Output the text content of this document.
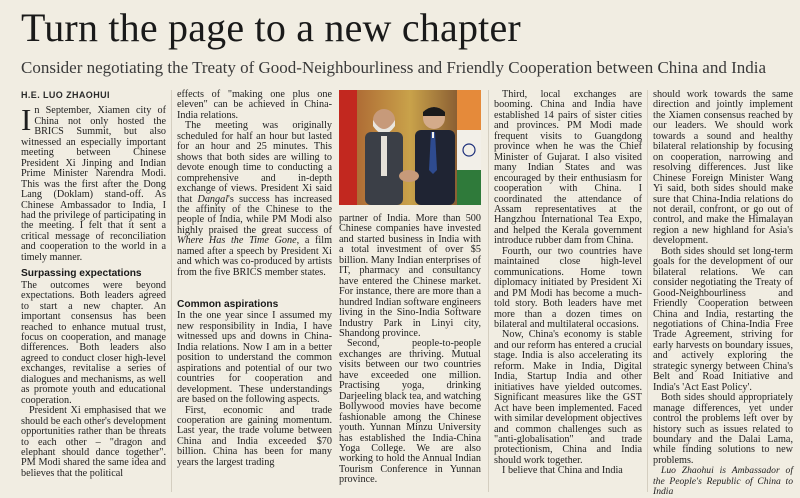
Turn the page to a new chapter
Consider negotiating the Treaty of Good-Neighbourliness and Friendly Cooperation between China and India
H.E. LUO ZHAOHUI

In September, Xiamen city of China not only hosted the BRICS Summit, but also witnessed an especially important meeting between Chinese President Xi Jinping and Indian Prime Minister Narendra Modi. This was the first after the Dong Lang (Doklam) stand-off. As Chinese Ambassador to India, I had the privilege of participating in the meeting. I felt that it sent a critical message of reconciliation and cooperation to the world in a timely manner.

Surpassing expectations

The outcomes were beyond expectations. Both leaders agreed to start a new chapter. An important consensus has been reached to enhance mutual trust, focus on cooperation, and manage differences. Both leaders also agreed to conduct closer high-level exchanges, revitalise a series of dialogues and mechanisms, as well as promote youth and educational cooperation.

President Xi emphasised that we should be each other's development opportunities rather than be threats to each other – "dragon and elephant should dance together". PM Modi shared the same idea and believes that the political

effects of "making one plus one eleven" can be achieved in China-India relations.

The meeting was originally scheduled for half an hour but lasted for an hour and 25 minutes. This shows that both sides are willing to devote enough time to conducting a comprehensive and in-depth exchange of views. President Xi said that Dangal's success has increased the affinity of the Chinese to the people of India, while PM Modi also highly praised the great success of Where Has the Time Gone, a film named after a speech by President Xi and which was co-produced by artists from the five BRICS member states.

Common aspirations

In the one year since I assumed my new responsibility in India, I have witnessed ups and downs in China-India relations. Now I am in a better position to understand the common aspirations and potential of our two countries for cooperation and development. These understandings are based on the following aspects.

First, economic and trade cooperation are gaining momentum. Last year, the trade volume between China and India exceeded $70 billion. China has been for many years the largest trading

partner of India. More than 500 Chinese companies have invested and started business in India with a total investment of over $5 billion. Many Indian enterprises of IT, pharmacy and consultancy have entered the Chinese market. For instance, there are more than a hundred Indian software engineers living in the Sino-India Software Industry Park in Linyi city, Shandong province.

Second, people-to-people exchanges are thriving. Mutual visits between our two countries have exceeded one million. Practising yoga, drinking Darjeeling black tea, and watching Bollywood movies have become fashionable among the Chinese youth. Yunnan Minzu University has established the India-China Yoga College. We are also working to hold the Annual Indian Tourism Conference in Yunnan province.

Third, local exchanges are booming. China and India have established 14 pairs of sister cities and provinces. PM Modi made frequent visits to Guangdong province when he was the Chief Minister of Gujarat. I also visited many Indian States and was encouraged by their enthusiasm for cooperation with China. I coordinated the attendance of Assam representatives at the Hangzhou International Tea Expo, and helped the Kerala government introduce rubber dam from China.

Fourth, our two countries have maintained close high-level communications. Home town diplomacy initiated by President Xi and PM Modi has become a much-told story. Both leaders have met more than a dozen times on bilateral and multilateral occasions.

Now, China's economy is stable and our reform has entered a crucial stage. India is also accelerating its reform. Make in India, Digital India, Startup India and other initiatives have yielded outcomes. Significant measures like the GST Act have been implemented. Faced with similar development objectives and common challenges such as "anti-globalisation" and trade protectionism, China and India should work together.

I believe that China and India

should work towards the same direction and jointly implement the Xiamen consensus reached by our leaders. We should work towards a sound and healthy bilateral relationship by focusing on cooperation, narrowing and resolving differences. Just like Chinese Foreign Minister Wang Yi said, both sides should make sure that China-India relations do not derail, confront, or go out of control, and make the Himalayan region a new highland for Asia's development.

Both sides should set long-term goals for the development of our bilateral relations. We can consider negotiating the Treaty of Good-Neighbourliness and Friendly Cooperation between China and India, restarting the negotiations of China-India Free Trade Agreement, striving for early harvests on boundary issues, and actively exploring the strategic synergy between China's Belt and Road Initiative and India's 'Act East Policy'.

Both sides should appropriately manage differences, yet under control the problems left over by history such as issues related to boundary and the Dalai Lama, while finding solutions to new problems.

Luo Zhaohui is Ambassador of the People's Republic of China to India
